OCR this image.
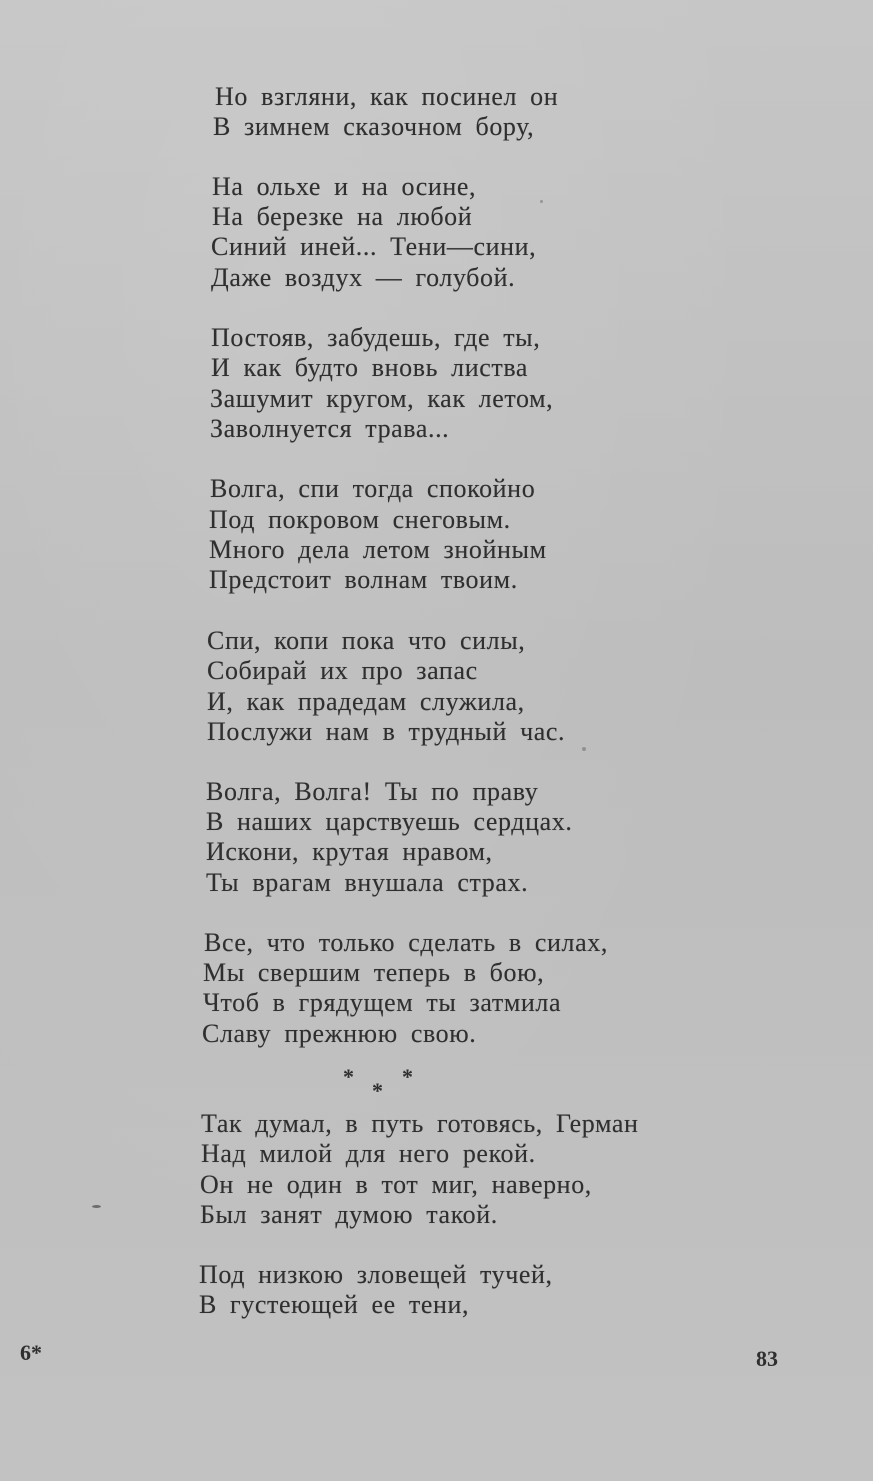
Но взгляни, как посинел он
В зимнем сказочном бору,
На ольхе и на осине,
На березке на любой
Синий иней... Тени—сини,
Даже воздух — голубой.
Постояв, забудешь, где ты,
И как будто вновь листва
Зашумит кругом, как летом,
Заволнуется трава...
Волга, спи тогда спокойно
Под покровом снеговым.
Много дела летом знойным
Предстоит волнам твоим.
Спи, копи пока что силы,
Собирай их про запас
И, как прадедам служила,
Послужи нам в трудный час.
Волга, Волга! Ты по праву
В наших царствуешь сердцах.
Искони, крутая нравом,
Ты врагам внушала страх.
Все, что только сделать в силах,
Мы свершим теперь в бою,
Чтоб в грядущем ты затмила
Славу прежнюю свою.
*
*
*
Так думал, в путь готовясь, Герман
Над милой для него рекой.
Он не один в тот миг, наверно,
Был занят думою такой.
Под низкою зловещей тучей,
В густеющей ее тени,
6*	83
